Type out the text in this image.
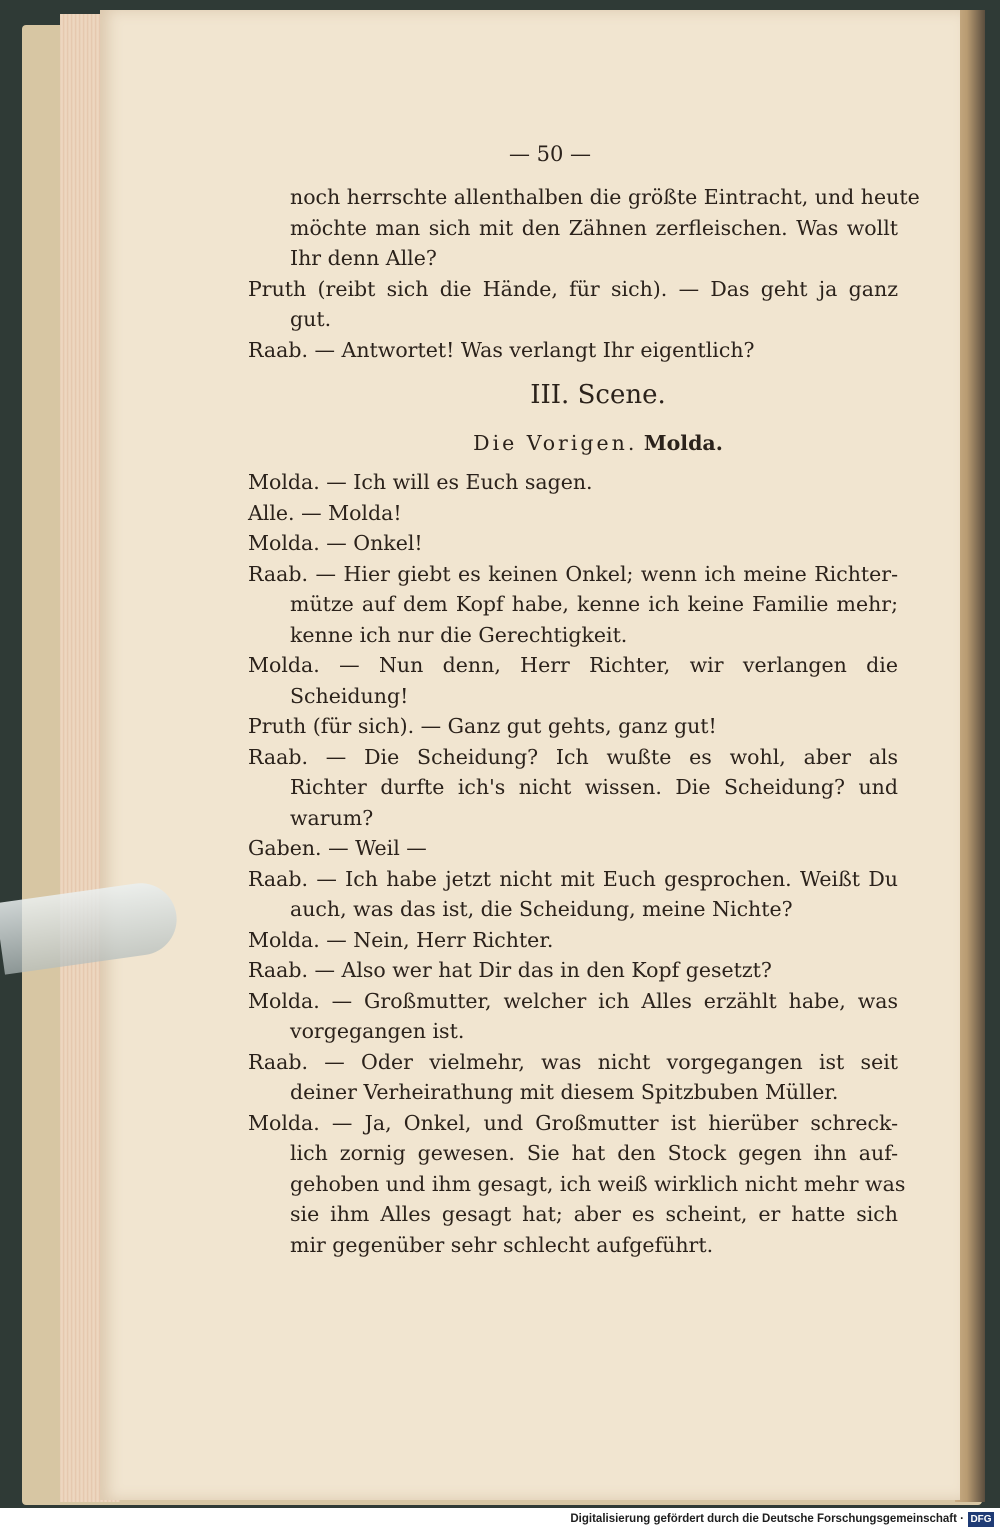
— 50 —
noch herrschte allenthalben die größte Eintracht, und heute
möchte man sich mit den Zähnen zerfleischen. Was wollt
Ihr denn Alle?
Pruth (reibt sich die Hände, für sich). — Das geht ja ganz
gut.
Raab. — Antwortet! Was verlangt Ihr eigentlich?
III. Scene.
Die Vorigen. Molda.
Molda. — Ich will es Euch sagen.
Alle. — Molda!
Molda. — Onkel!
Raab. — Hier giebt es keinen Onkel; wenn ich meine Richter-
mütze auf dem Kopf habe, kenne ich keine Familie mehr;
kenne ich nur die Gerechtigkeit.
Molda. — Nun denn, Herr Richter, wir verlangen die
Scheidung!
Pruth (für sich). — Ganz gut gehts, ganz gut!
Raab. — Die Scheidung? Ich wußte es wohl, aber als
Richter durfte ich's nicht wissen. Die Scheidung? und
warum?
Gaben. — Weil —
Raab. — Ich habe jetzt nicht mit Euch gesprochen. Weißt Du
auch, was das ist, die Scheidung, meine Nichte?
Molda. — Nein, Herr Richter.
Raab. — Also wer hat Dir das in den Kopf gesetzt?
Molda. — Großmutter, welcher ich Alles erzählt habe, was
vorgegangen ist.
Raab. — Oder vielmehr, was nicht vorgegangen ist seit
deiner Verheirathung mit diesem Spitzbuben Müller.
Molda. — Ja, Onkel, und Großmutter ist hierüber schreck-
lich zornig gewesen. Sie hat den Stock gegen ihn auf-
gehoben und ihm gesagt, ich weiß wirklich nicht mehr was
sie ihm Alles gesagt hat; aber es scheint, er hatte sich
mir gegenüber sehr schlecht aufgeführt.
Digitalisierung gefördert durch die Deutsche Forschungsgemeinschaft · DFG
